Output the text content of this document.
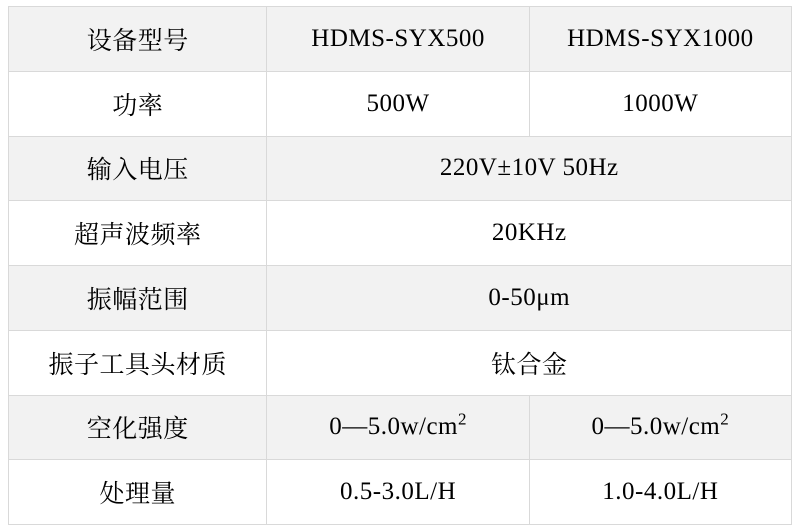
设备型号	HDMS-SYX500	HDMS-SYX1000
功率	500W	1000W
输入电压	220V±10V 50Hz	
超声波频率	20KHz	
振幅范围	0-50μm	
振子工具头材质	钛合金	
空化强度	$0—5.0w/cm^2$	$0—5.0w/cm^2$
处理量	0.5-3.0L/H	1.0-4.0L/H
